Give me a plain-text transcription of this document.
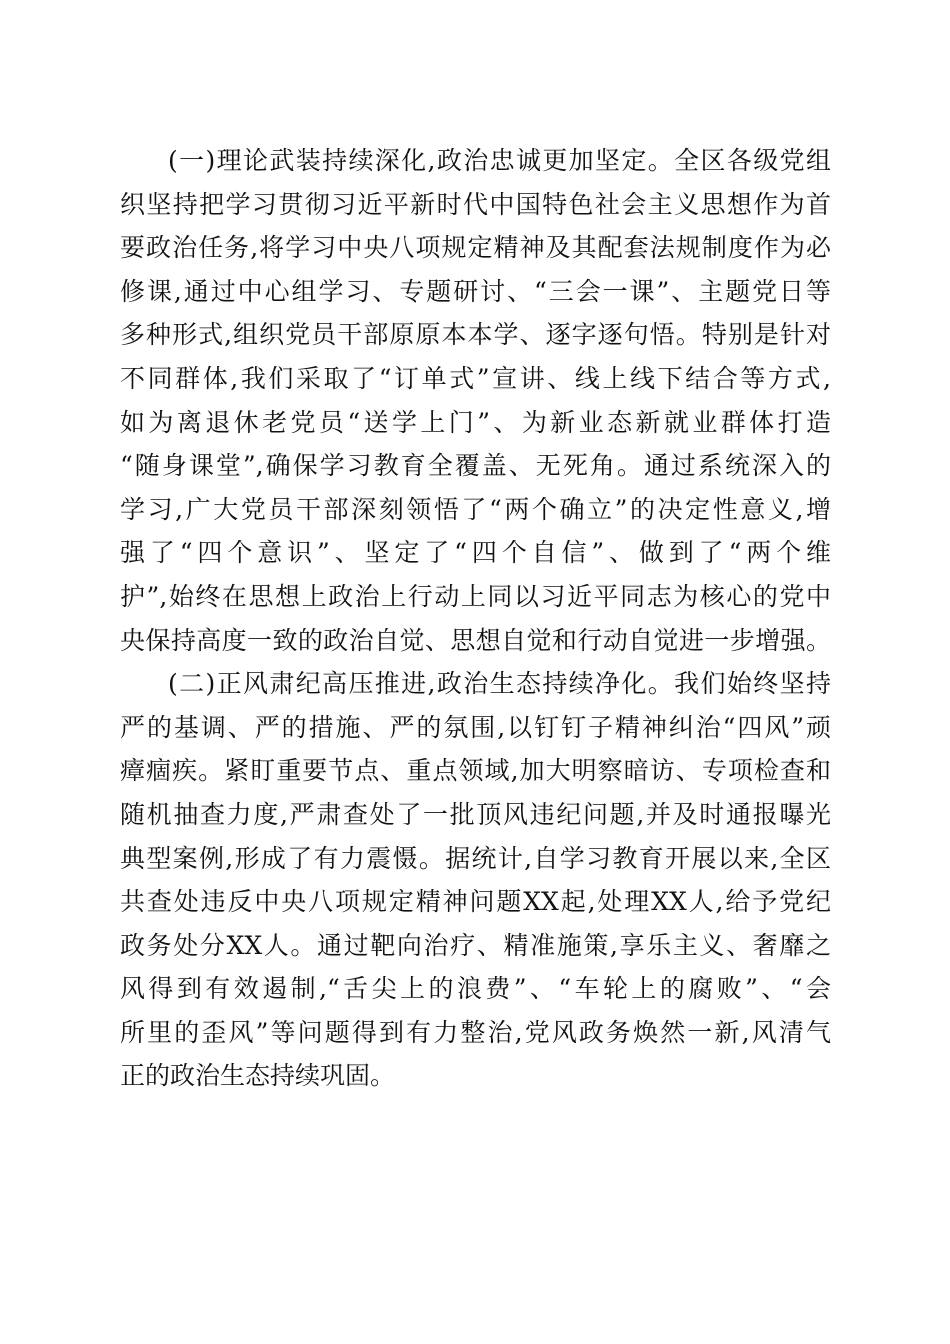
(一)理论武装持续深化,政治忠诚更加坚定。全区各级党组
织坚持把学习贯彻习近平新时代中国特色社会主义思想作为首
要政治任务,将学习中央八项规定精神及其配套法规制度作为必
修课,通过中心组学习、专题研讨、“三会一课”、主题党日等
多种形式,组织党员干部原原本本学、逐字逐句悟。特别是针对
不同群体,我们采取了“订单式”宣讲、线上线下结合等方式,
如为离退休老党员“送学上门”、为新业态新就业群体打造
“随身课堂”,确保学习教育全覆盖、无死角。通过系统深入的
学习,广大党员干部深刻领悟了“两个确立”的决定性意义,增
强了“四个意识”、坚定了“四个自信”、做到了“两个维
护”,始终在思想上政治上行动上同以习近平同志为核心的党中
央保持高度一致的政治自觉、思想自觉和行动自觉进一步增强。
(二)正风肃纪高压推进,政治生态持续净化。我们始终坚持
严的基调、严的措施、严的氛围,以钉钉子精神纠治“四风”顽
瘴痼疾。紧盯重要节点、重点领域,加大明察暗访、专项检查和
随机抽查力度,严肃查处了一批顶风违纪问题,并及时通报曝光
典型案例,形成了有力震慑。据统计,自学习教育开展以来,全区
共查处违反中央八项规定精神问题XX起,处理XX人,给予党纪
政务处分XX人。通过靶向治疗、精准施策,享乐主义、奢靡之
风得到有效遏制,“舌尖上的浪费”、“车轮上的腐败”、“会
所里的歪风”等问题得到有力整治,党风政务焕然一新,风清气
正的政治生态持续巩固。
